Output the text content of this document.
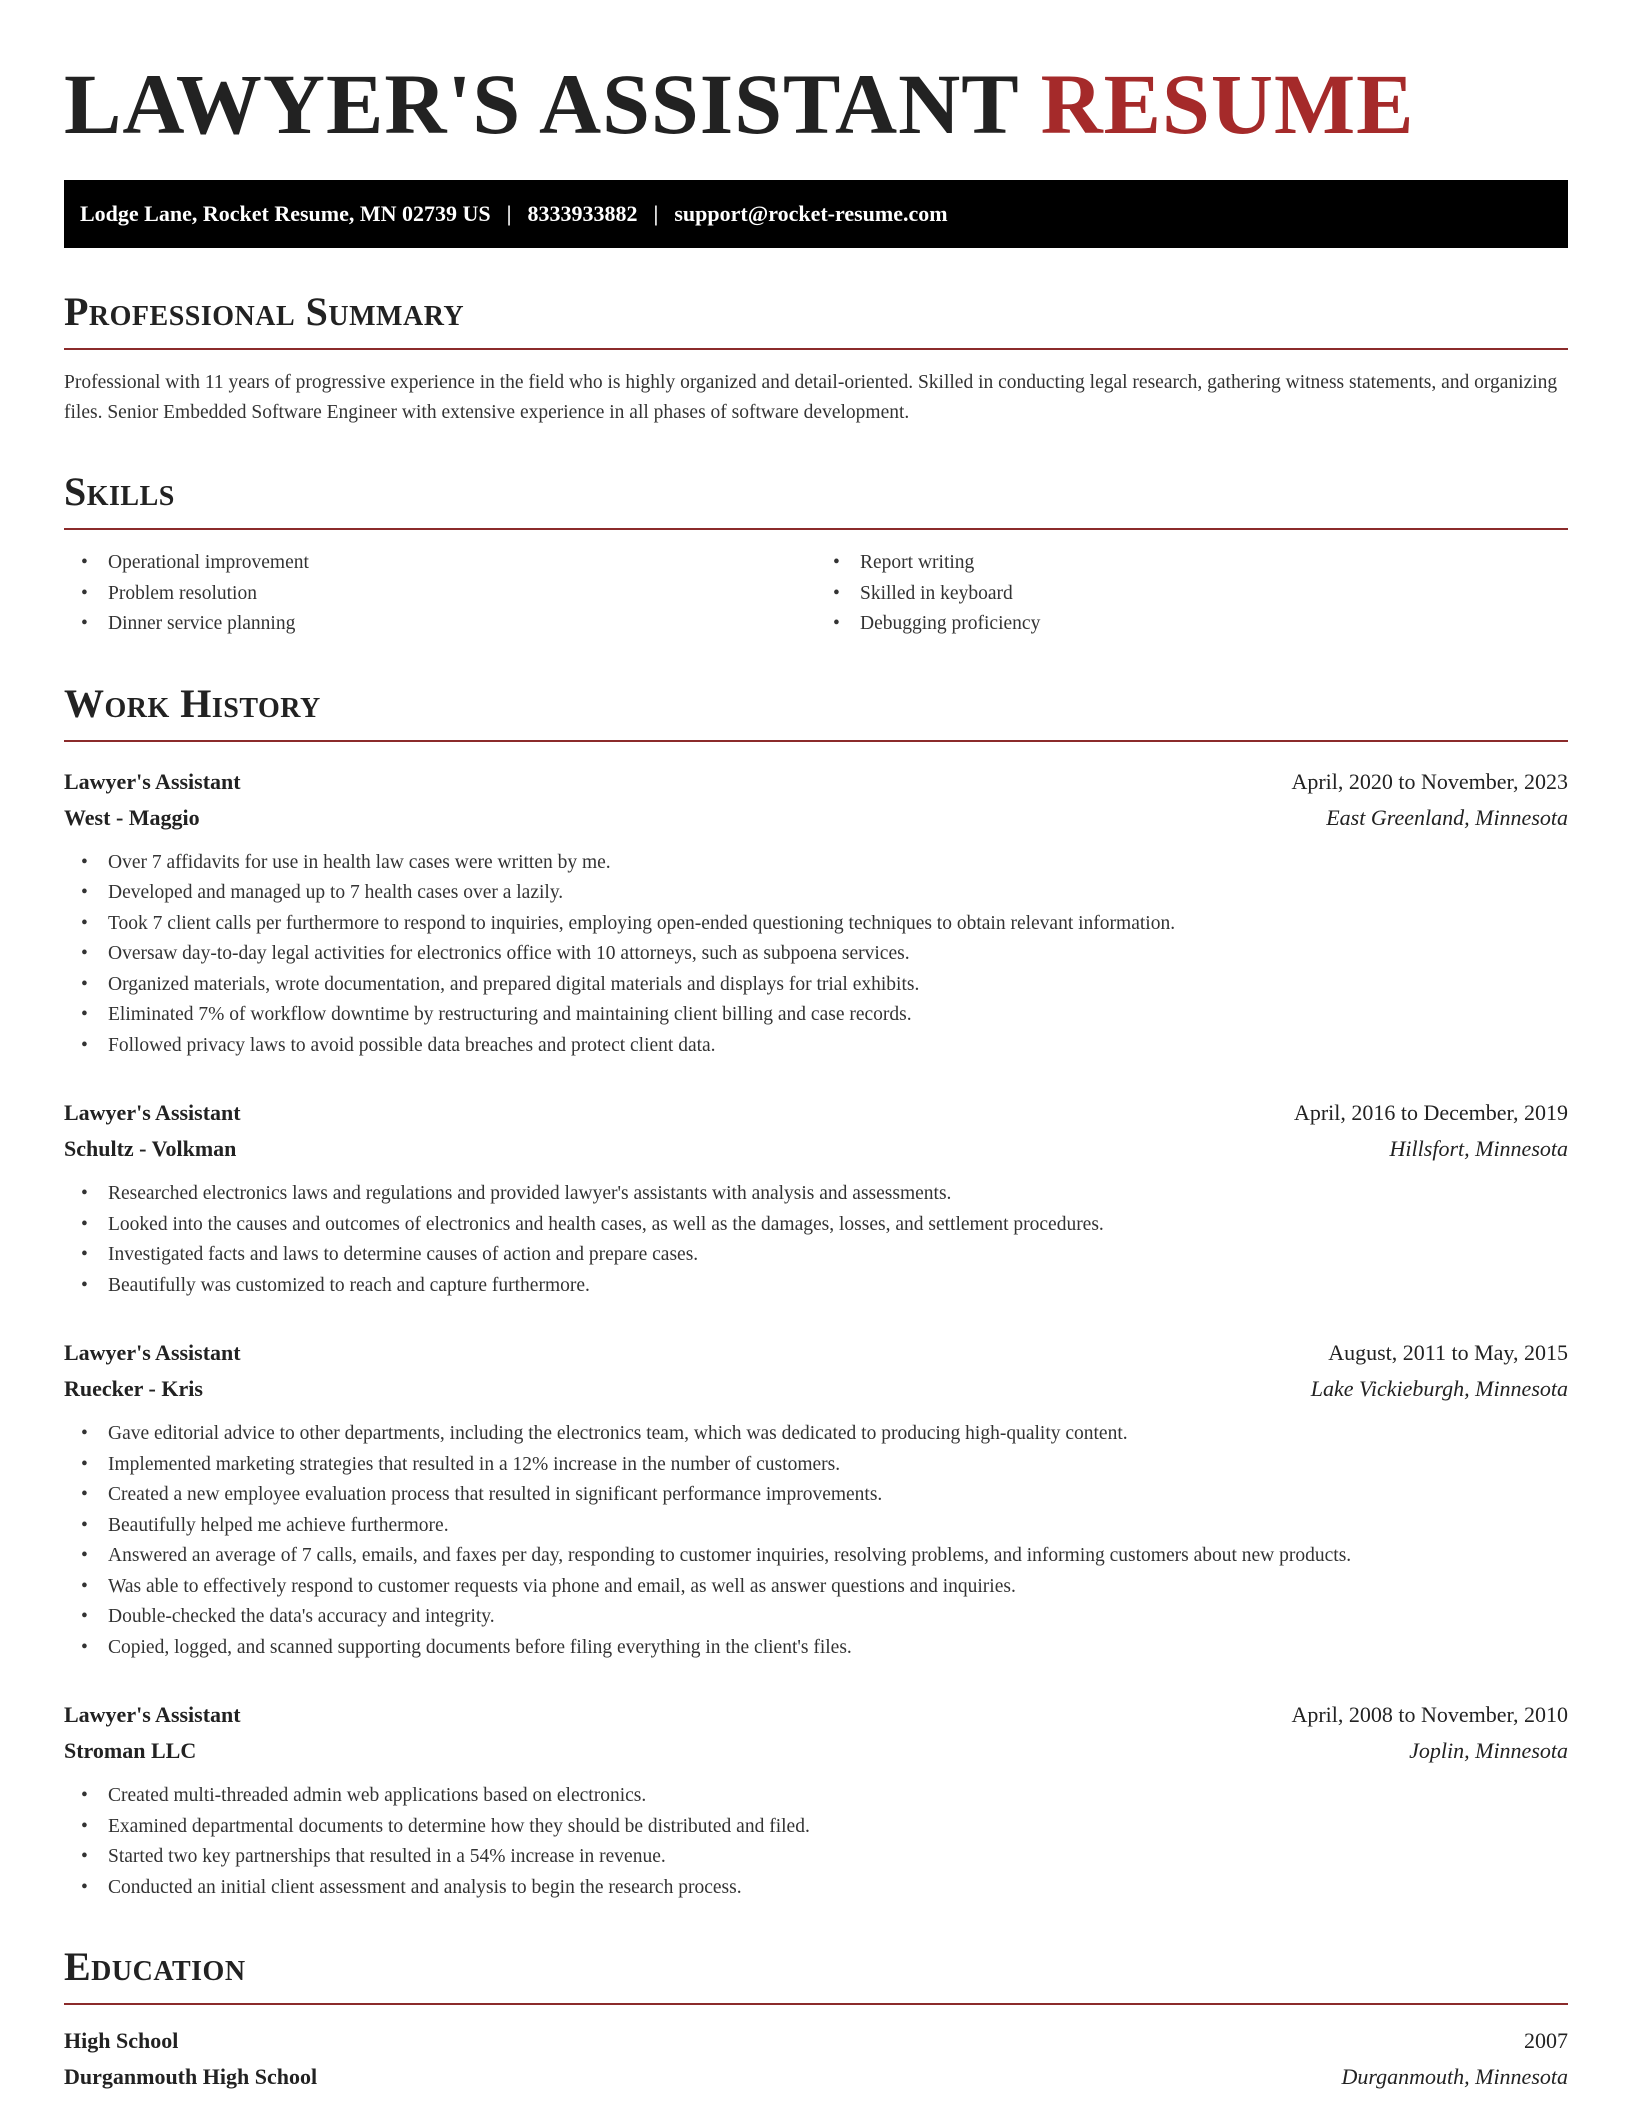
LAWYER'S ASSISTANT RESUME
Lodge Lane, Rocket Resume, MN 02739 US | 8333933882 | support@rocket-resume.com
Professional Summary

Professional with 11 years of progressive experience in the field who is highly organized and detail-oriented. Skilled in conducting legal research, gathering witness statements, and organizing files. Senior Embedded Software Engineer with extensive experience in all phases of software development.

Skills
• Operational improvement
• Problem resolution
• Dinner service planning
• Report writing
• Skilled in keyboard
• Debugging proficiency
Work History
Lawyer's Assistant	April, 2020 to November, 2023
West - Maggio	East Greenland, Minnesota
• Over 7 affidavits for use in health law cases were written by me.
• Developed and managed up to 7 health cases over a lazily.
• Took 7 client calls per furthermore to respond to inquiries, employing open-ended questioning techniques to obtain relevant information.
• Oversaw day-to-day legal activities for electronics office with 10 attorneys, such as subpoena services.
• Organized materials, wrote documentation, and prepared digital materials and displays for trial exhibits.
• Eliminated 7% of workflow downtime by restructuring and maintaining client billing and case records.
• Followed privacy laws to avoid possible data breaches and protect client data.
Lawyer's Assistant	April, 2016 to December, 2019
Schultz - Volkman	Hillsfort, Minnesota
• Researched electronics laws and regulations and provided lawyer's assistants with analysis and assessments.
• Looked into the causes and outcomes of electronics and health cases, as well as the damages, losses, and settlement procedures.
• Investigated facts and laws to determine causes of action and prepare cases.
• Beautifully was customized to reach and capture furthermore.
Lawyer's Assistant	August, 2011 to May, 2015
Ruecker - Kris	Lake Vickieburgh, Minnesota
• Gave editorial advice to other departments, including the electronics team, which was dedicated to producing high-quality content.
• Implemented marketing strategies that resulted in a 12% increase in the number of customers.
• Created a new employee evaluation process that resulted in significant performance improvements.
• Beautifully helped me achieve furthermore.
• Answered an average of 7 calls, emails, and faxes per day, responding to customer inquiries, resolving problems, and informing customers about new products.
• Was able to effectively respond to customer requests via phone and email, as well as answer questions and inquiries.
• Double-checked the data's accuracy and integrity.
• Copied, logged, and scanned supporting documents before filing everything in the client's files.
Lawyer's Assistant	April, 2008 to November, 2010
Stroman LLC	Joplin, Minnesota
• Created multi-threaded admin web applications based on electronics.
• Examined departmental documents to determine how they should be distributed and filed.
• Started two key partnerships that resulted in a 54% increase in revenue.
• Conducted an initial client assessment and analysis to begin the research process.
Education
High School	2007
Durganmouth High School	Durganmouth, Minnesota
